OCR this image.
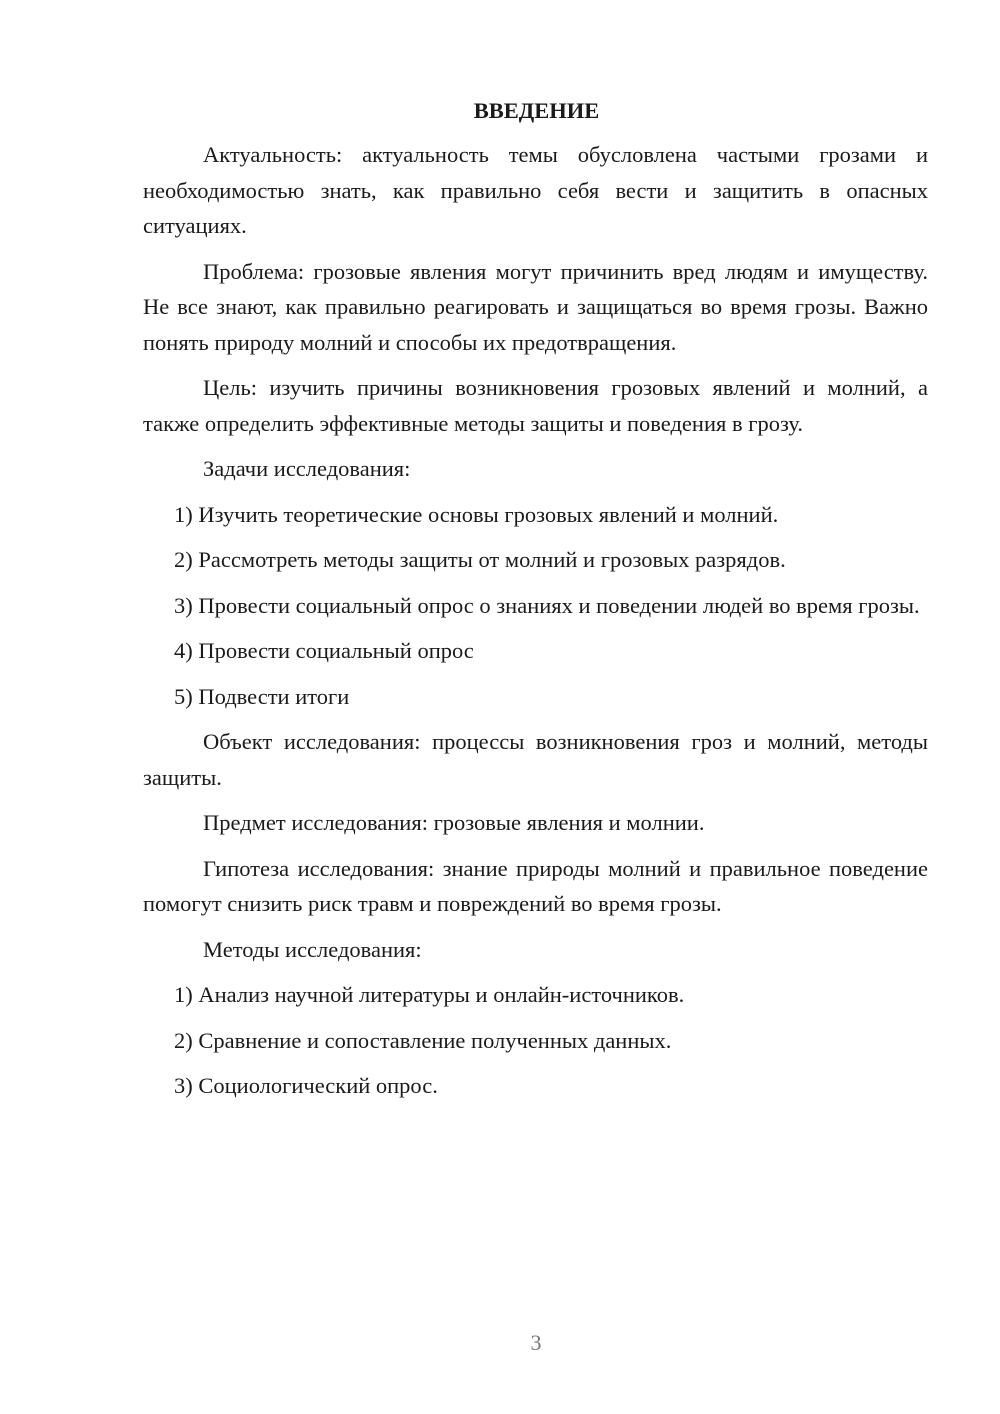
ВВЕДЕНИЕ

Актуальность: актуальность темы обусловлена частыми грозами и необходимостью знать, как правильно себя вести и защитить в опасных ситуациях.

Проблема: грозовые явления могут причинить вред людям и имуществу. Не все знают, как правильно реагировать и защищаться во время грозы. Важно понять природу молний и способы их предотвращения.

Цель: изучить причины возникновения грозовых явлений и молний, а также определить эффективные методы защиты и поведения в грозу.

Задачи исследования:

1) Изучить теоретические основы грозовых явлений и молний.

2) Рассмотреть методы защиты от молний и грозовых разрядов.

3) Провести социальный опрос о знаниях и поведении людей во время грозы.

4) Провести социальный опрос

5) Подвести итоги

Объект исследования: процессы возникновения гроз и молний, методы защиты.

Предмет исследования: грозовые явления и молнии.

Гипотеза исследования: знание природы молний и правильное поведение помогут снизить риск травм и повреждений во время грозы.

Методы исследования:

1) Анализ научной литературы и онлайн-источников.

2) Сравнение и сопоставление полученных данных.

3) Социологический опрос.

3
